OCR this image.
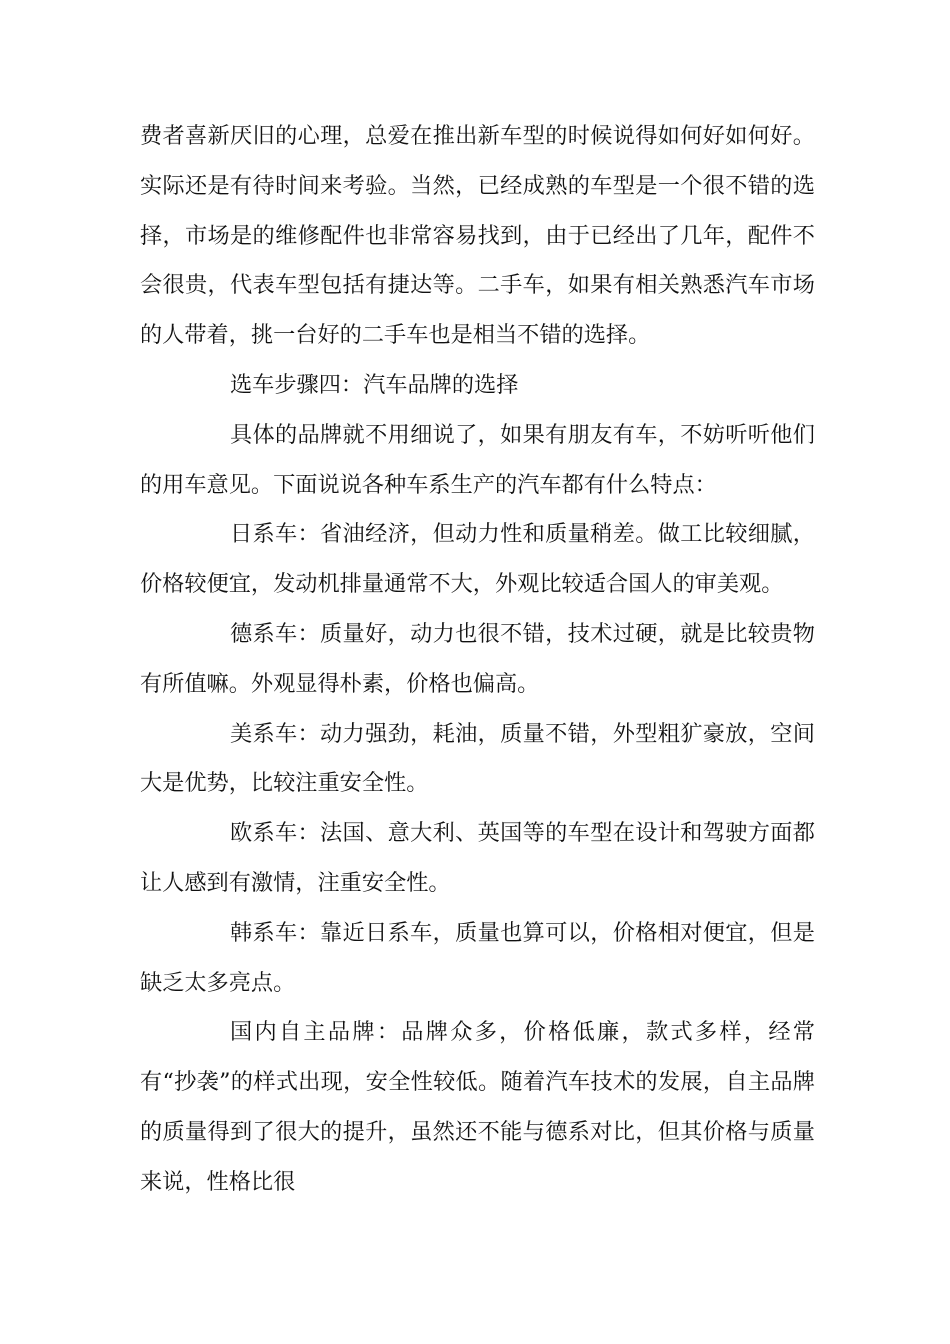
费者喜新厌旧的心理，总爱在推出新车型的时候说得如何好如何好。实际还是有待时间来考验。当然，已经成熟的车型是一个很不错的选择，市场是的维修配件也非常容易找到，由于已经出了几年，配件不会很贵，代表车型包括有捷达等。二手车，如果有相关熟悉汽车市场的人带着，挑一台好的二手车也是相当不错的选择。

选车步骤四：汽车品牌的选择

具体的品牌就不用细说了，如果有朋友有车，不妨听听他们的用车意见。下面说说各种车系生产的汽车都有什么特点：

日系车：省油经济，但动力性和质量稍差。做工比较细腻，价格较便宜，发动机排量通常不大，外观比较适合国人的审美观。

德系车：质量好，动力也很不错，技术过硬，就是比较贵物有所值嘛。外观显得朴素，价格也偏高。

美系车：动力强劲，耗油，质量不错，外型粗犷豪放，空间大是优势，比较注重安全性。

欧系车：法国、意大利、英国等的车型在设计和驾驶方面都让人感到有激情，注重安全性。

韩系车：靠近日系车，质量也算可以，价格相对便宜，但是缺乏太多亮点。

国内自主品牌：品牌众多，价格低廉，款式多样，经常有“抄袭”的样式出现，安全性较低。随着汽车技术的发展，自主品牌的质量得到了很大的提升，虽然还不能与德系对比，但其价格与质量来说，性格比很
